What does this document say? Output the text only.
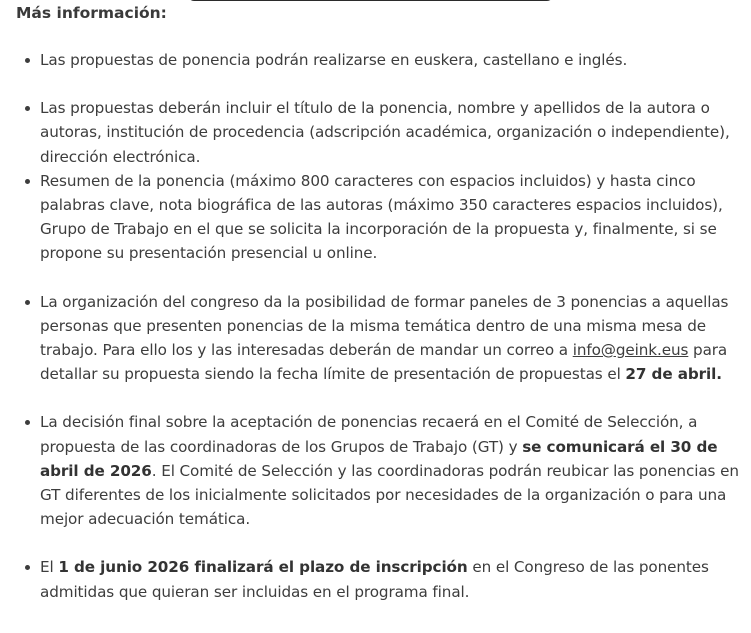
Más información:
Las propuestas de ponencia podrán realizarse en euskera, castellano e inglés.
Las propuestas deberán incluir el título de la ponencia, nombre y apellidos de la autora o autoras, institución de procedencia (adscripción académica, organización o independiente), dirección electrónica.
Resumen de la ponencia (máximo 800 caracteres con espacios incluidos) y hasta cinco palabras clave, nota biográfica de las autoras (máximo 350 caracteres espacios incluidos), Grupo de Trabajo en el que se solicita la incorporación de la propuesta y, finalmente, si se propone su presentación presencial u online.
La organización del congreso da la posibilidad de formar paneles de 3 ponencias a aquellas personas que presenten ponencias de la misma temática dentro de una misma mesa de trabajo. Para ello los y las interesadas deberán de mandar un correo a info@geink.eus para detallar su propuesta siendo la fecha límite de presentación de propuestas el 27 de abril.
La decisión final sobre la aceptación de ponencias recaerá en el Comité de Selección, a propuesta de las coordinadoras de los Grupos de Trabajo (GT) y se comunicará el 30 de abril de 2026. El Comité de Selección y las coordinadoras podrán reubicar las ponencias en GT diferentes de los inicialmente solicitados por necesidades de la organización o para una mejor adecuación temática.
El 1 de junio 2026 finalizará el plazo de inscripción en el Congreso de las ponentes admitidas que quieran ser incluidas en el programa final.
